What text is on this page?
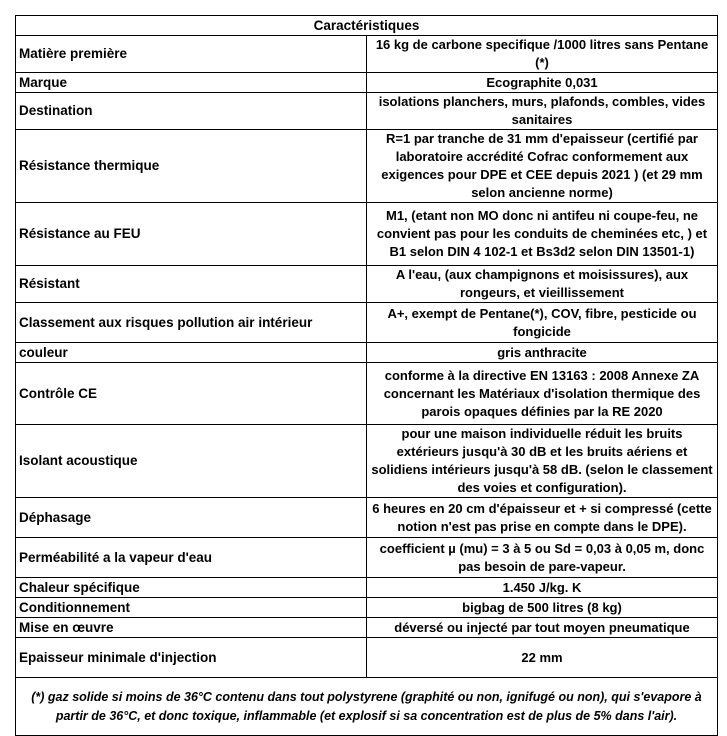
Caractéristiques	
Matière première	16 kg de carbone specifique /1000 litres sans Pentane (*)
Marque	Ecographite 0,031
Destination	isolations planchers, murs, plafonds, combles, vides sanitaires
Résistance thermique	R=1 par tranche de 31 mm d'epaisseur (certifié par laboratoire accrédité Cofrac conformement aux exigences pour DPE et CEE depuis 2021 ) (et 29 mm selon ancienne norme)
Résistance au FEU	M1, (etant non MO donc ni antifeu ni coupe-feu, ne convient pas pour les conduits de cheminées etc, ) et B1 selon DIN 4 102-1 et Bs3d2 selon DIN 13501-1)
Résistant	A l'eau, (aux champignons et moisissures), aux rongeurs, et vieillissement
Classement aux risques pollution air intérieur	A+, exempt de Pentane(*), COV, fibre, pesticide ou fongicide
couleur	gris anthracite
Contrôle CE	conforme à la directive EN 13163 : 2008 Annexe ZA concernant les Matériaux d'isolation thermique des parois opaques définies par la RE 2020
Isolant acoustique	pour une maison individuelle réduit les bruits extérieurs jusqu'à 30 dB et les bruits aériens et solidiens intérieurs jusqu'à 58 dB. (selon le classement des voies et configuration).
Déphasage	6 heures en 20 cm d'épaisseur et + si compressé (cette notion n'est pas prise en compte dans le DPE).
Perméabilité a la vapeur d'eau	coefficient µ (mu) = 3 à 5 ou Sd = 0,03 à 0,05 m, donc pas besoin de pare-vapeur.
Chaleur spécifique	1.450 J/kg. K
Conditionnement	bigbag de 500 litres (8 kg)
Mise en œuvre	déversé ou injecté par tout moyen pneumatique
Epaisseur minimale d'injection	22 mm
(*) gaz solide si moins de 36°C contenu dans tout polystyrene (graphité ou non, ignifugé ou non), qui s'evapore à partir de 36°C, et donc toxique, inflammable (et explosif si sa concentration est de plus de 5% dans l'air).	
